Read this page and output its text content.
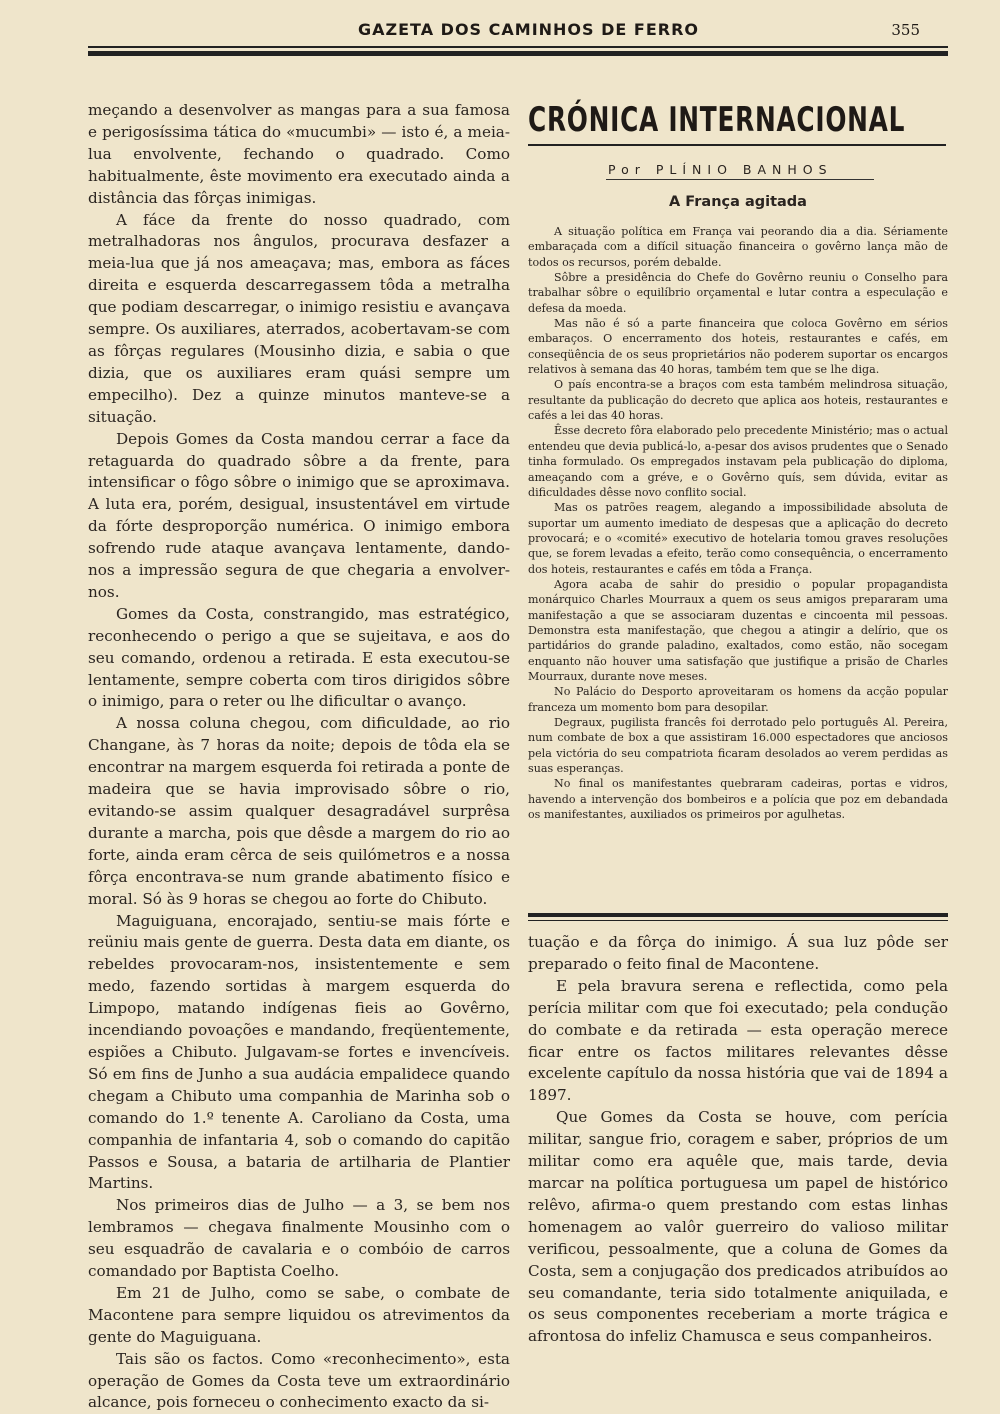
GAZETA DOS CAMINHOS DE FERRO	355

meçando a desenvolver as mangas para a sua famosa e perigosíssima tática do «mucumbi» — isto é, a meia-lua envolvente, fechando o quadrado. Como habitualmente, êste movimento era executado ainda a distância das fôrças inimigas.

A fáce da frente do nosso quadrado, com metralhadoras nos ângulos, procurava desfazer a meia-lua que já nos ameaçava; mas, embora as fáces direita e esquerda descarregassem tôda a metralha que podiam descarregar, o inimigo resistiu e avançava sempre. Os auxiliares, aterrados, acobertavam-se com as fôrças regulares (Mousinho dizia, e sabia o que dizia, que os auxiliares eram quási sempre um empecilho). Dez a quinze minutos manteve-se a situação.

Depois Gomes da Costa mandou cerrar a face da retaguarda do quadrado sôbre a da frente, para intensificar o fôgo sôbre o inimigo que se aproximava. A luta era, porém, desigual, insustentável em virtude da fórte desproporção numérica. O inimigo embora sofrendo rude ataque avançava lentamente, dando-nos a impressão segura de que chegaria a envolver-nos.

Gomes da Costa, constrangido, mas estratégico, reconhecendo o perigo a que se sujeitava, e aos do seu comando, ordenou a retirada. E esta executou-se lentamente, sempre coberta com tiros dirigidos sôbre o inimigo, para o reter ou lhe dificultar o avanço.

A nossa coluna chegou, com dificuldade, ao rio Changane, às 7 horas da noite; depois de tôda ela se encontrar na margem esquerda foi retirada a ponte de madeira que se havia improvisado sôbre o rio, evitando-se assim qualquer desagradável surprêsa durante a marcha, pois que dêsde a margem do rio ao forte, ainda eram cêrca de seis quilómetros e a nossa fôrça encontrava-se num grande abatimento físico e moral. Só às 9 horas se chegou ao forte do Chibuto.

Maguiguana, encorajado, sentiu-se mais fórte e reüniu mais gente de guerra. Desta data em diante, os rebeldes provocaram-nos, insistentemente e sem medo, fazendo sortidas à margem esquerda do Limpopo, matando indígenas fieis ao Govêrno, incendiando povoações e mandando, freqüentemente, espiões a Chibuto. Julgavam-se fortes e invencíveis. Só em fins de Junho a sua audácia empalidece quando chegam a Chibuto uma companhia de Marinha sob o comando do 1.º tenente A. Caroliano da Costa, uma companhia de infantaria 4, sob o comando do capitão Passos e Sousa, a bataria de artilharia de Plantier Martins.

Nos primeiros dias de Julho — a 3, se bem nos lembramos — chegava finalmente Mousinho com o seu esquadrão de cavalaria e o combóio de carros comandado por Baptista Coelho.

Em 21 de Julho, como se sabe, o combate de Macontene para sempre liquidou os atrevimentos da gente do Maguiguana.

Tais são os factos. Como «reconhecimento», esta operação de Gomes da Costa teve um extraordinário alcance, pois forneceu o conhecimento exacto da si-

CRÓNICA INTERNACIONAL
Por PLÍNIO BANHOS
A França agitada

A situação política em França vai peorando dia a dia. Sériamente embaraçada com a difícil situação financeira o govêrno lança mão de todos os recursos, porém debalde.

Sôbre a presidência do Chefe do Govêrno reuniu o Conselho para trabalhar sôbre o equilíbrio orçamental e lutar contra a especulação e defesa da moeda.

Mas não é só a parte financeira que coloca Govêrno em sérios embaraços. O encerramento dos hoteis, restaurantes e cafés, em conseqüência de os seus proprietários não poderem suportar os encargos relativos à semana das 40 horas, também tem que se lhe diga.

O país encontra-se a braços com esta também melindrosa situação, resultante da publicação do decreto que aplica aos hoteis, restaurantes e cafés a lei das 40 horas.

Êsse decreto fôra elaborado pelo precedente Ministério; mas o actual entendeu que devia publicá-lo, a-pesar dos avisos prudentes que o Senado tinha formulado. Os empregados instavam pela publicação do diploma, ameaçando com a gréve, e o Govêrno quís, sem dúvida, evitar as dificuldades dêsse novo conflito social.

Mas os patrões reagem, alegando a impossibilidade absoluta de suportar um aumento imediato de despesas que a aplicação do decreto provocará; e o «comité» executivo de hotelaria tomou graves resoluções que, se forem levadas a efeito, terão como consequência, o encerramento dos hoteis, restaurantes e cafés em tôda a França.

Agora acaba de sahir do presidio o popular propagandista monárquico Charles Mourraux a quem os seus amigos prepararam uma manifestação a que se associaram duzentas e cincoenta mil pessoas. Demonstra esta manifestação, que chegou a atingir a delírio, que os partidários do grande paladino, exaltados, como estão, não socegam enquanto não houver uma satisfação que justifique a prisão de Charles Mourraux, durante nove meses.

No Palácio do Desporto aproveitaram os homens da acção popular franceza um momento bom para desopilar.

Degraux, pugilista francês foi derrotado pelo português Al. Pereira, num combate de box a que assistiram 16.000 espectadores que anciosos pela victória do seu compatriota ficaram desolados ao verem perdidas as suas esperanças.

No final os manifestantes quebraram cadeiras, portas e vidros, havendo a intervenção dos bombeiros e a polícia que poz em debandada os manifestantes, auxiliados os primeiros por agulhetas.

tuação e da fôrça do inimigo. Á sua luz pôde ser preparado o feito final de Macontene.

E pela bravura serena e reflectida, como pela perícia militar com que foi executado; pela condução do combate e da retirada — esta operação merece ficar entre os factos militares relevantes dêsse excelente capítulo da nossa história que vai de 1894 a 1897.

Que Gomes da Costa se houve, com perícia militar, sangue frio, coragem e saber, próprios de um militar como era aquêle que, mais tarde, devia marcar na política portuguesa um papel de histórico relêvo, afirma-o quem prestando com estas linhas homenagem ao valôr guerreiro do valioso militar verificou, pessoalmente, que a coluna de Gomes da Costa, sem a conjugação dos predicados atribuídos ao seu comandante, teria sido totalmente aniquilada, e os seus componentes receberiam a morte trágica e afrontosa do infeliz Chamusca e seus companheiros.
